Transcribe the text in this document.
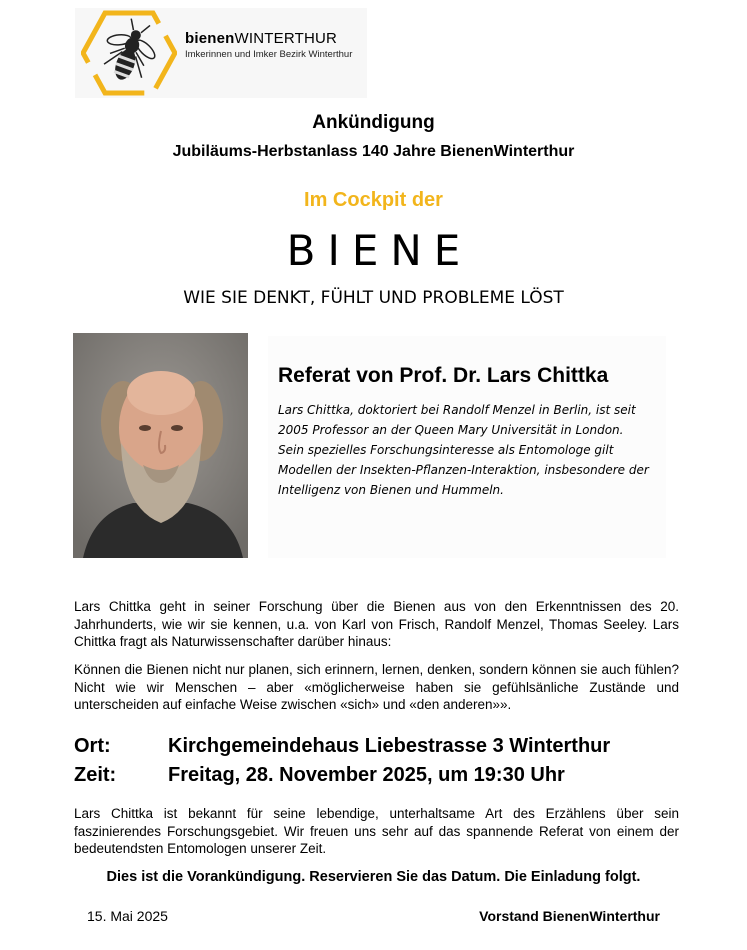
bienenWINTERTHUR
Imkerinnen und Imker Bezirk Winterthur
Ankündigung
Jubiläums-Herbstanlass 140 Jahre BienenWinterthur
Im Cockpit der
BIENE
WIE SIE DENKT, FÜHLT UND PROBLEME LÖST
Referat von Prof. Dr. Lars Chittka
Lars Chittka, doktoriert bei Randolf Menzel in Berlin, ist seit 2005 Professor an der Queen Mary Universität in London. Sein spezielles Forschungsinteresse als Entomologe gilt Modellen der Insekten-Pflanzen-Interaktion, insbesondere der Intelligenz von Bienen und Hummeln.
Lars Chittka geht in seiner Forschung über die Bienen aus von den Erkenntnissen des 20. Jahrhunderts, wie wir sie kennen, u.a. von Karl von Frisch, Randolf Menzel, Thomas Seeley. Lars Chittka fragt als Naturwissenschafter darüber hinaus:
Können die Bienen nicht nur planen, sich erinnern, lernen, denken, sondern können sie auch fühlen? Nicht wie wir Menschen – aber «möglicherweise haben sie gefühlsänliche Zustände und unterscheiden auf einfache Weise zwischen «sich» und «den anderen»».
Ort:	Kirchgemeindehaus Liebestrasse 3 Winterthur
Zeit:	Freitag, 28. November 2025, um 19:30 Uhr
Lars Chittka ist bekannt für seine lebendige, unterhaltsame Art des Erzählens über sein faszinierendes Forschungsgebiet. Wir freuen uns sehr auf das spannende Referat von einem der bedeutendsten Entomologen unserer Zeit.
Dies ist die Vorankündigung. Reservieren Sie das Datum. Die Einladung folgt.
15. Mai 2025	Vorstand BienenWinterthur
